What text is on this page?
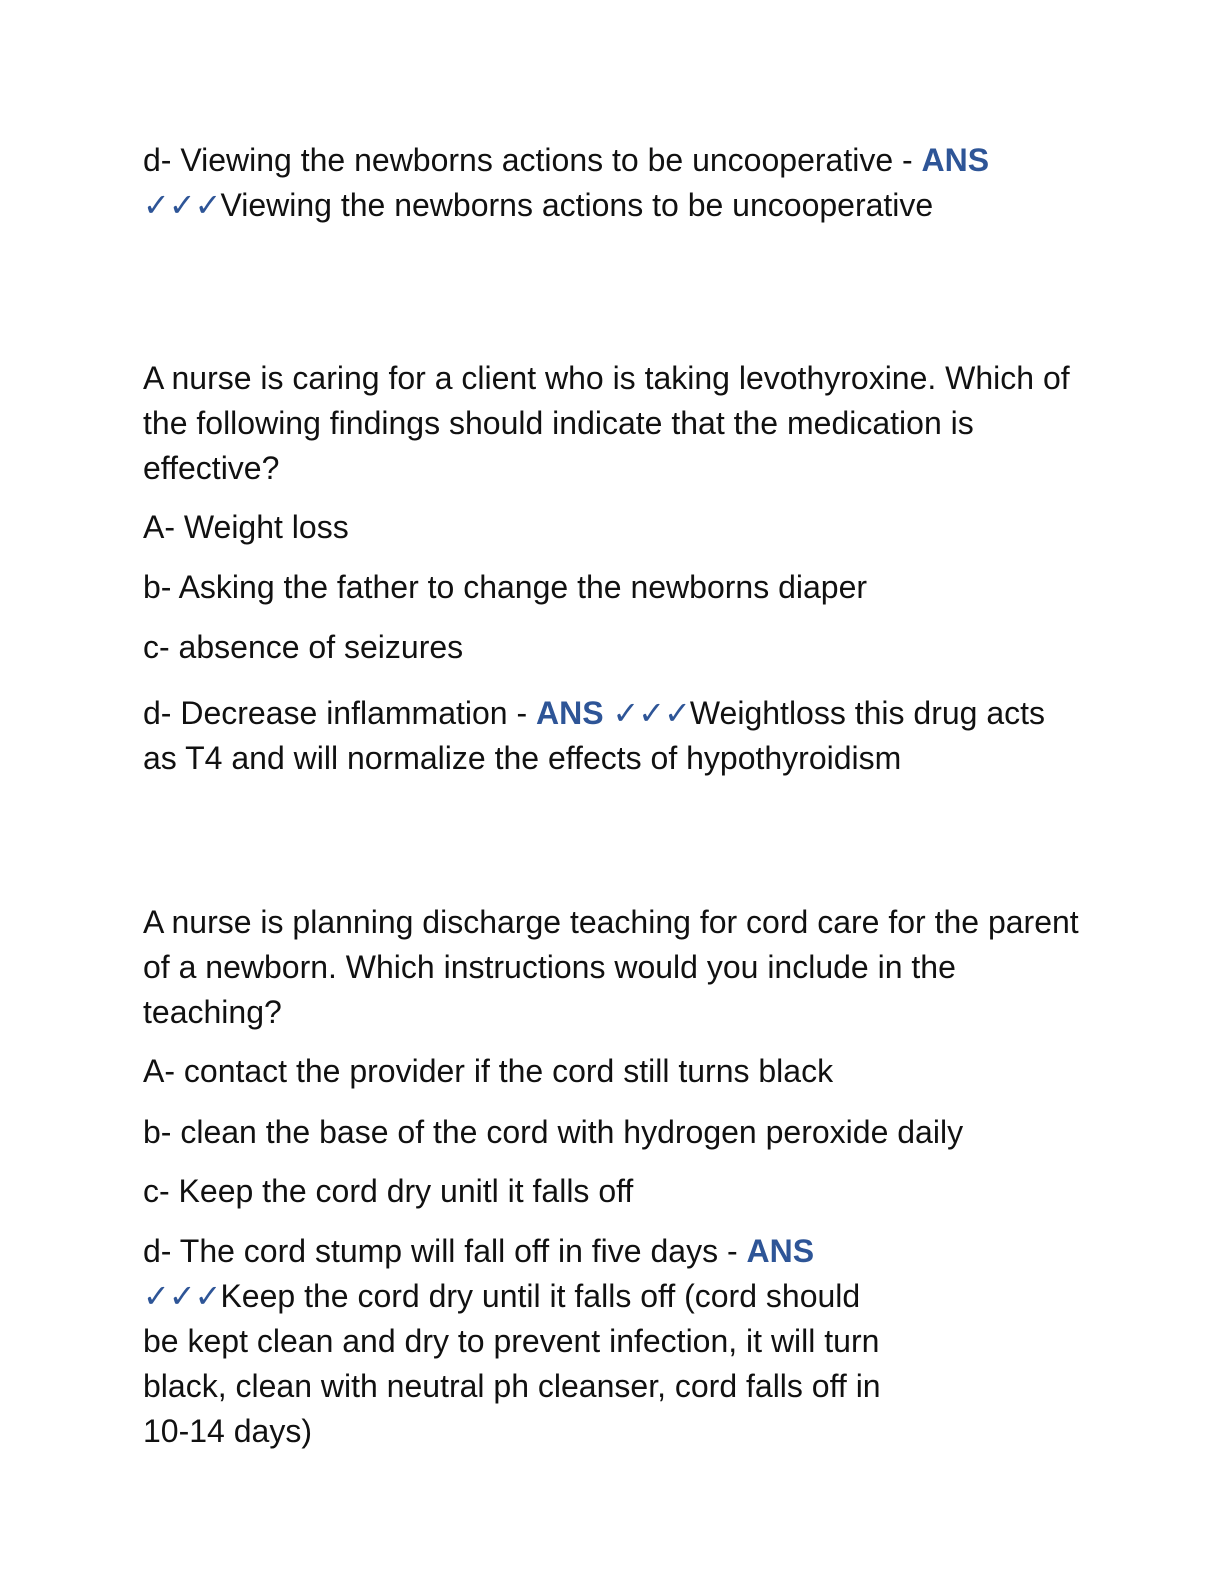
d- Viewing the newborns actions to be uncooperative - ANS ✓✓✓Viewing the newborns actions to be uncooperative
A nurse is caring for a client who is taking levothyroxine. Which of the following findings should indicate that the medication is effective?
A- Weight loss
b- Asking the father to change the newborns diaper
c- absence of seizures
d- Decrease inflammation - ANS ✓✓✓Weightloss this drug acts as T4 and will normalize the effects of hypothyroidism
A nurse is planning discharge teaching for cord care for the parent of a newborn. Which instructions would you include in the teaching?
A- contact the provider if the cord still turns black
b- clean the base of the cord with hydrogen peroxide daily
c- Keep the cord dry unitl it falls off
d- The cord stump will fall off in five days - ANS ✓✓✓Keep the cord dry until it falls off (cord should be kept clean and dry to prevent infection, it will turn black, clean with neutral ph cleanser, cord falls off in 10-14 days)
